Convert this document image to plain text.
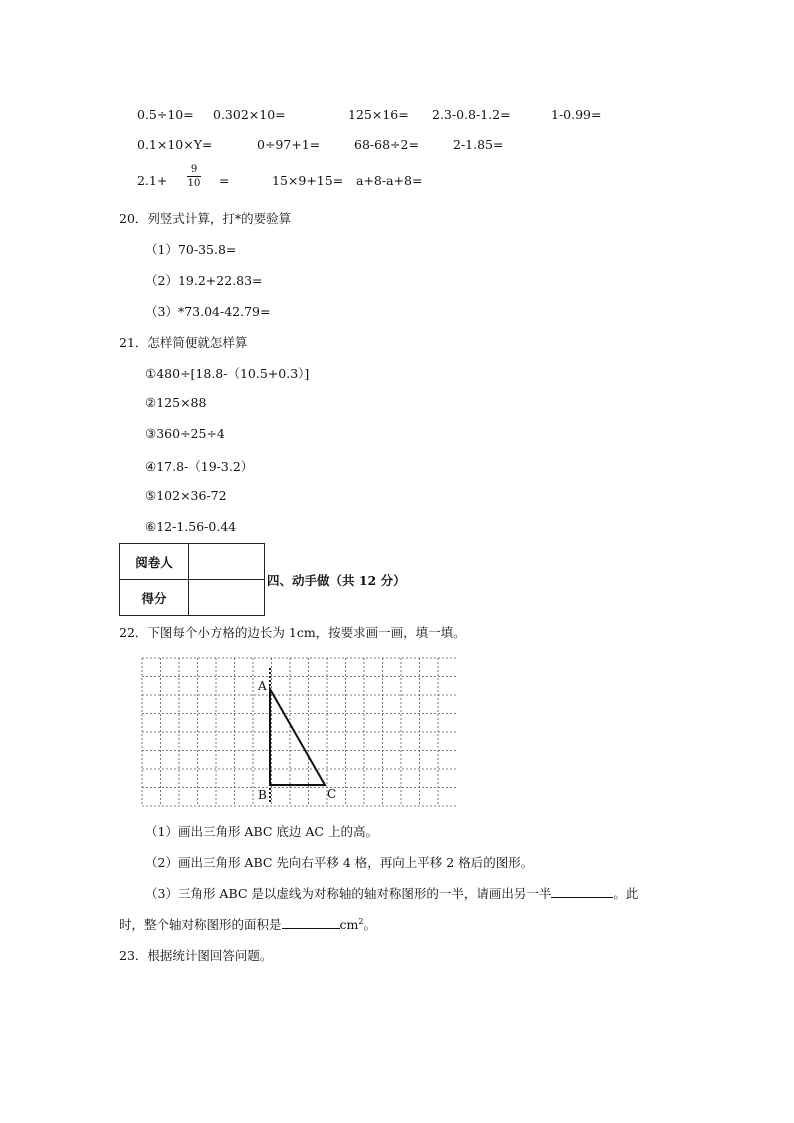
0.5÷10= 0.302×10=	125×16= 2.3-0.8-1.2=	1-0.99=
0.1×10×Y=	0÷97+1=	68-68÷2=	2-1.85=
2.1+
9
10 =	15×9+15= a+8-a+8=
20．列竖式计算，打*的要验算
（1）70-35.8=
（2）19.2+22.83=
（3）*73.04-42.79=
21．怎样简便就怎样算
①480÷[18.8-（10.5+0.3）]
②125×88
③360÷25÷4
④17.8-（19-3.2）
⑤102×36-72
⑥12-1.56-0.44
阅卷人	
得分	
四、动手做（共 12 分）
22．下图每个小方格的边长为 1cm，按要求画一画，填一填。
A
B	C
（1）画出三角形 ABC 底边 AC 上的高。
（2）画出三角形 ABC 先向右平移 4 格，再向上平移 2 格后的图形。
（3）三角形 ABC 是以虚线为对称轴的轴对称图形的一半，请画出另一半	。此
时，整个轴对称图形的面积是	$cm^2$。
23．根据统计图回答问题。
